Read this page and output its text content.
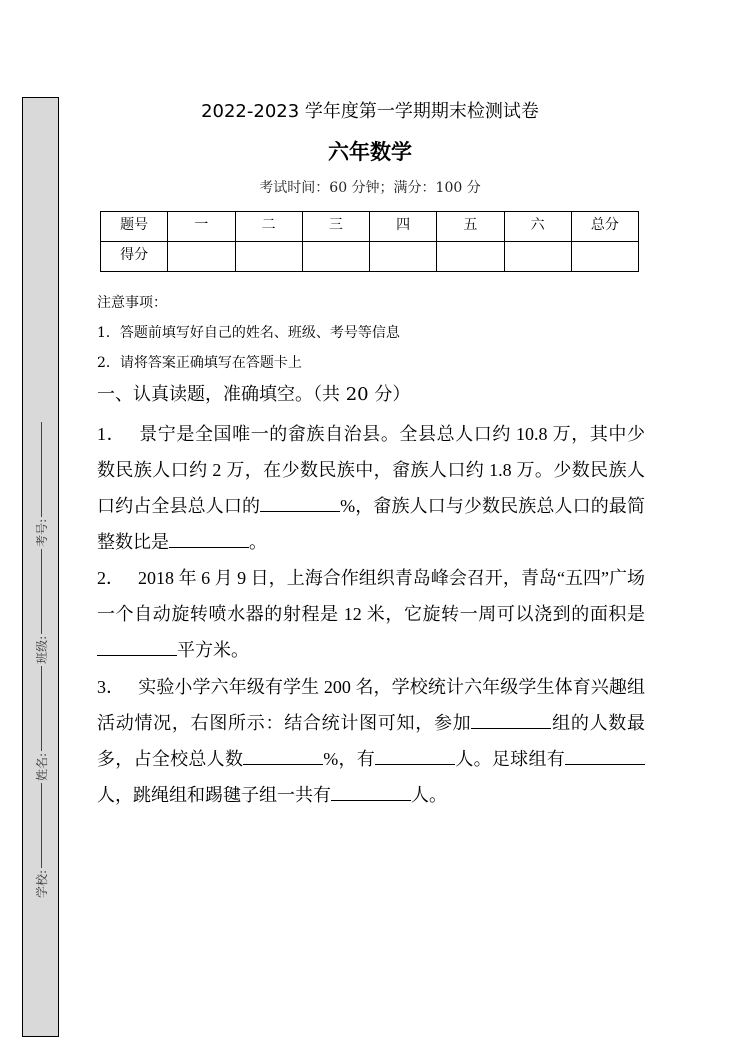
学校:
姓名:
班级:
考号:
2022-2023 学年度第一学期期末检测试卷
六年数学
考试时间：60 分钟；满分：100 分
题号	一	二	三	四	五	六	总分
得分							
注意事项：
1．答题前填写好自己的姓名、班级、考号等信息
2．请将答案正确填写在答题卡上
一、认真读题，准确填空。（共 20 分）
1． 景宁是全国唯一的畲族自治县。全县总人口约 10.8 万，其中少数民族人口约 2 万，在少数民族中，畲族人口约 1.8 万。少数民族人口约占全县总人口的	%，畲族人口与少数民族总人口的最简整数比是	。
2． 2018 年 6 月 9 日，上海合作组织青岛峰会召开，青岛“五四”广场一个自动旋转喷水器的射程是 12 米，它旋转一周可以浇到的面积是平方米。
3． 实验小学六年级有学生 200 名，学校统计六年级学生体育兴趣组活动情况，右图所示：结合统计图可知，参加	组的人数最多，占全校总人数	%，有	人。足球组有人，跳绳组和踢毽子组一共有	人。
